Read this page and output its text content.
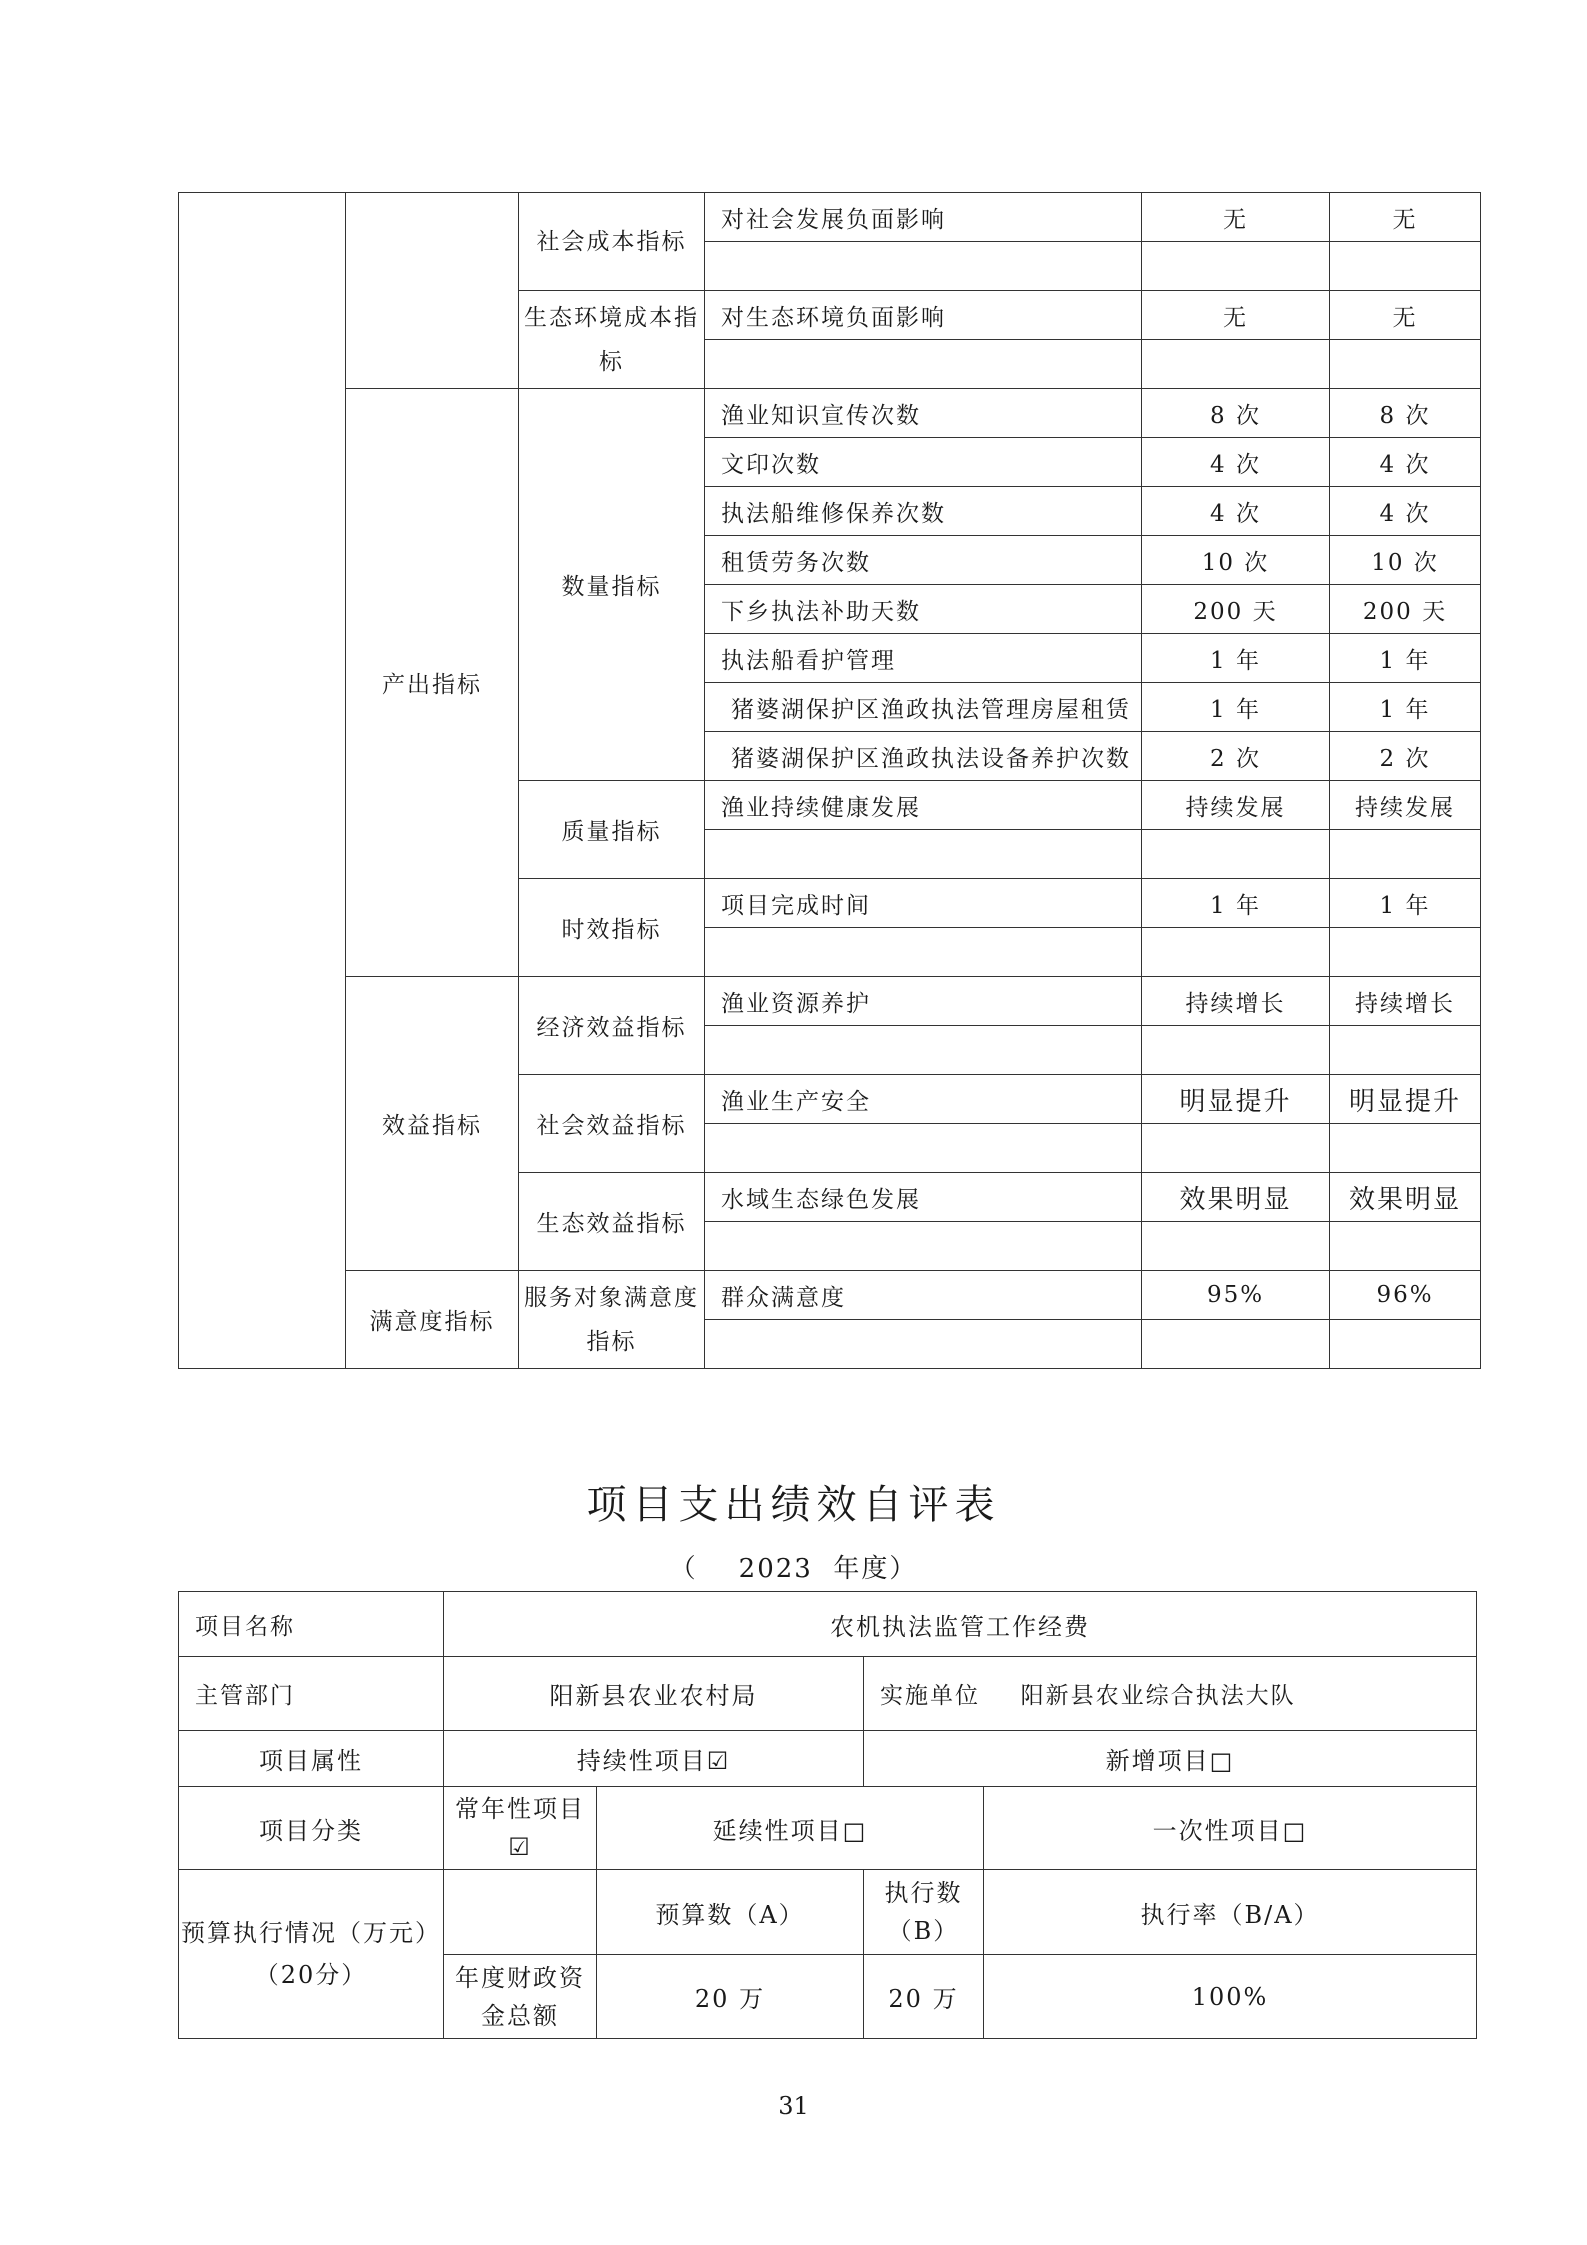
		社会成本指标	对社会发展负面影响	无	无

		生态环境成本指标	对生态环境负面影响	无	无

	产出指标	数量指标	渔业知识宣传次数	8 次	8 次
			文印次数	4 次	4 次
			执法船维修保养次数	4 次	4 次
			租赁劳务次数	10 次	10 次
			下乡执法补助天数	200 天	200 天
			执法船看护管理	1 年	1 年
			猪婆湖保护区渔政执法管理房屋租赁	1 年	1 年
			猪婆湖保护区渔政执法设备养护次数	2 次	2 次
		质量指标	渔业持续健康发展	持续发展	持续发展

		时效指标	项目完成时间	1 年	1 年

	效益指标	经济效益指标	渔业资源养护	持续增长	持续增长

		社会效益指标	渔业生产安全	明显提升	明显提升

		生态效益指标	水域生态绿色发展	效果明显	效果明显

	满意度指标	服务对象满意度指标	群众满意度	95%	96%

项目支出绩效自评表
（    2023  年度）
项目名称	农机执法监管工作经费			
主管部门	阳新县农业农村局		实施单位 阳新县农业综合执法大队	
项目属性	持续性项目☑		新增项目□	
项目分类	常年性项目☑	延续性项目□		一次性项目□
预算执行情况（万元） （20分）		预算数（A）	执行数（B）	执行率（B/A）
	年度财政资金总额	20 万	20 万	100%
31
